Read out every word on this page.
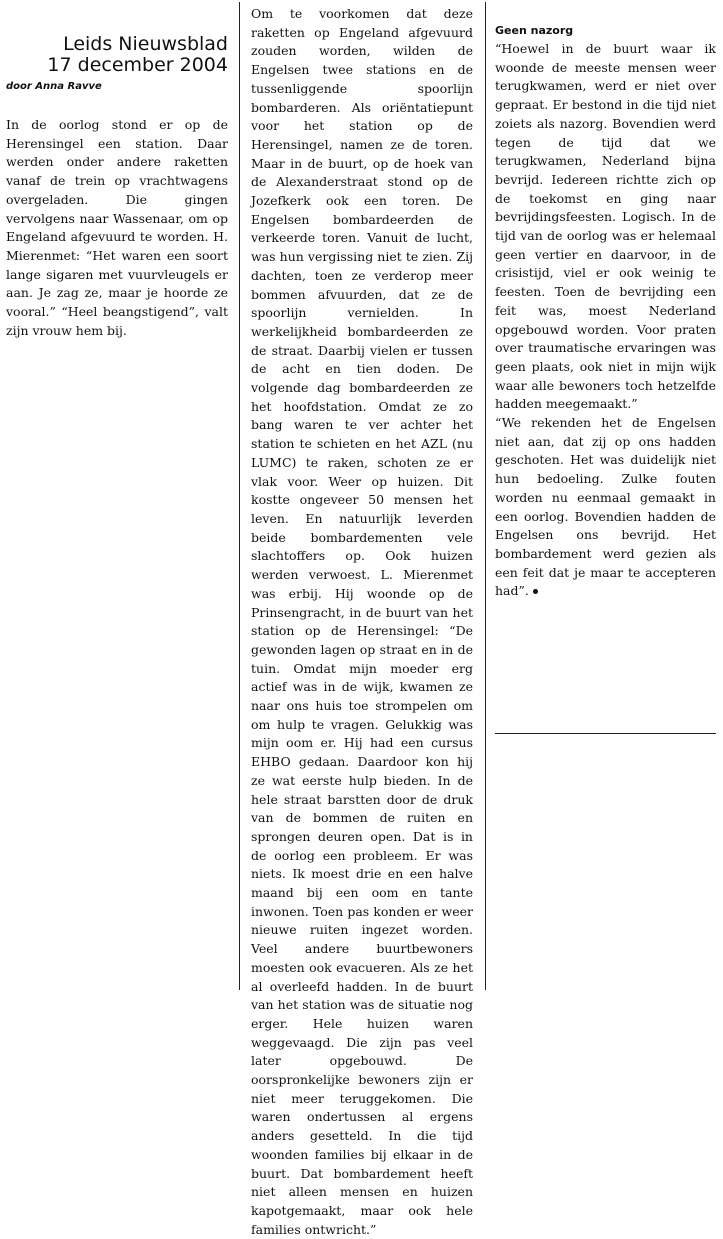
Leids Nieuwsblad
17 december 2004
door Anna Ravve

In de oorlog stond er op de Herensingel een station. Daar werden onder andere raketten vanaf de trein op vrachtwagens overgeladen. Die gingen vervolgens naar Wassenaar, om op Engeland afgevuurd te worden. H. Mierenmet: “Het waren een soort lange sigaren met vuurvleugels er aan. Je zag ze, maar je hoorde ze vooral.” “Heel beangstigend”, valt zijn vrouw hem bij.

Om te voorkomen dat deze raketten op Engeland afgevuurd zouden worden, wilden de Engelsen twee stations en de tussenliggende spoorlijn bombarderen. Als oriëntatiepunt voor het station op de Herensingel, namen ze de toren. Maar in de buurt, op de hoek van de Alexanderstraat stond op de Jozefkerk ook een toren. De Engelsen bombardeerden de verkeerde toren. Vanuit de lucht, was hun vergissing niet te zien. Zij dachten, toen ze verderop meer bommen afvuurden, dat ze de spoorlijn vernielden. In werkelijkheid bombardeerden ze de straat. Daarbij vielen er tussen de acht en tien doden. De volgende dag bombardeerden ze het hoofdstation. Omdat ze zo bang waren te ver achter het station te schieten en het AZL (nu LUMC) te raken, schoten ze er vlak voor. Weer op huizen. Dit kostte ongeveer 50 mensen het leven. En natuurlijk leverden beide bombardementen vele slachtoffers op. Ook huizen werden verwoest. L. Mierenmet was erbij. Hij woonde op de Prinsengracht, in de buurt van het station op de Herensingel: “De gewonden lagen op straat en in de tuin. Omdat mijn moeder erg actief was in de wijk, kwamen ze naar ons huis toe strompelen om om hulp te vragen. Gelukkig was mijn oom er. Hij had een cursus EHBO gedaan. Daardoor kon hij ze wat eerste hulp bieden. In de hele straat barstten door de druk van de bommen de ruiten en sprongen deuren open. Dat is in de oorlog een probleem. Er was niets. Ik moest drie en een halve maand bij een oom en tante inwonen. Toen pas konden er weer nieuwe ruiten ingezet worden. Veel andere buurtbewoners moesten ook evacueren. Als ze het al overleefd hadden. In de buurt van het station was de situatie nog erger. Hele huizen waren weggevaagd. Die zijn pas veel later opgebouwd. De oorspronkelijke bewoners zijn er niet meer teruggekomen. Die waren ondertussen al ergens anders gesetteld. In die tijd woonden families bij elkaar in de buurt. Dat bombardement heeft niet alleen mensen en huizen kapotgemaakt, maar ook hele families ontwricht.”

Geen nazorg

“Hoewel in de buurt waar ik woonde de meeste mensen weer terugkwamen, werd er niet over gepraat. Er bestond in die tijd niet zoiets als nazorg. Bovendien werd tegen de tijd dat we terugkwamen, Nederland bijna bevrijd. Iedereen richtte zich op de toekomst en ging naar bevrijdingsfeesten. Logisch. In de tijd van de oorlog was er helemaal geen vertier en daarvoor, in de crisistijd, viel er ook weinig te feesten. Toen de bevrijding een feit was, moest Nederland opgebouwd worden. Voor praten over traumatische ervaringen was geen plaats, ook niet in mijn wijk waar alle bewoners toch hetzelfde hadden meegemaakt.”

“We rekenden het de Engelsen niet aan, dat zij op ons hadden geschoten. Het was duidelijk niet hun bedoeling. Zulke fouten worden nu eenmaal gemaakt in een oorlog. Bovendien hadden de Engelsen ons bevrijd. Het bombardement werd gezien als een feit dat je maar te accepteren had”.
